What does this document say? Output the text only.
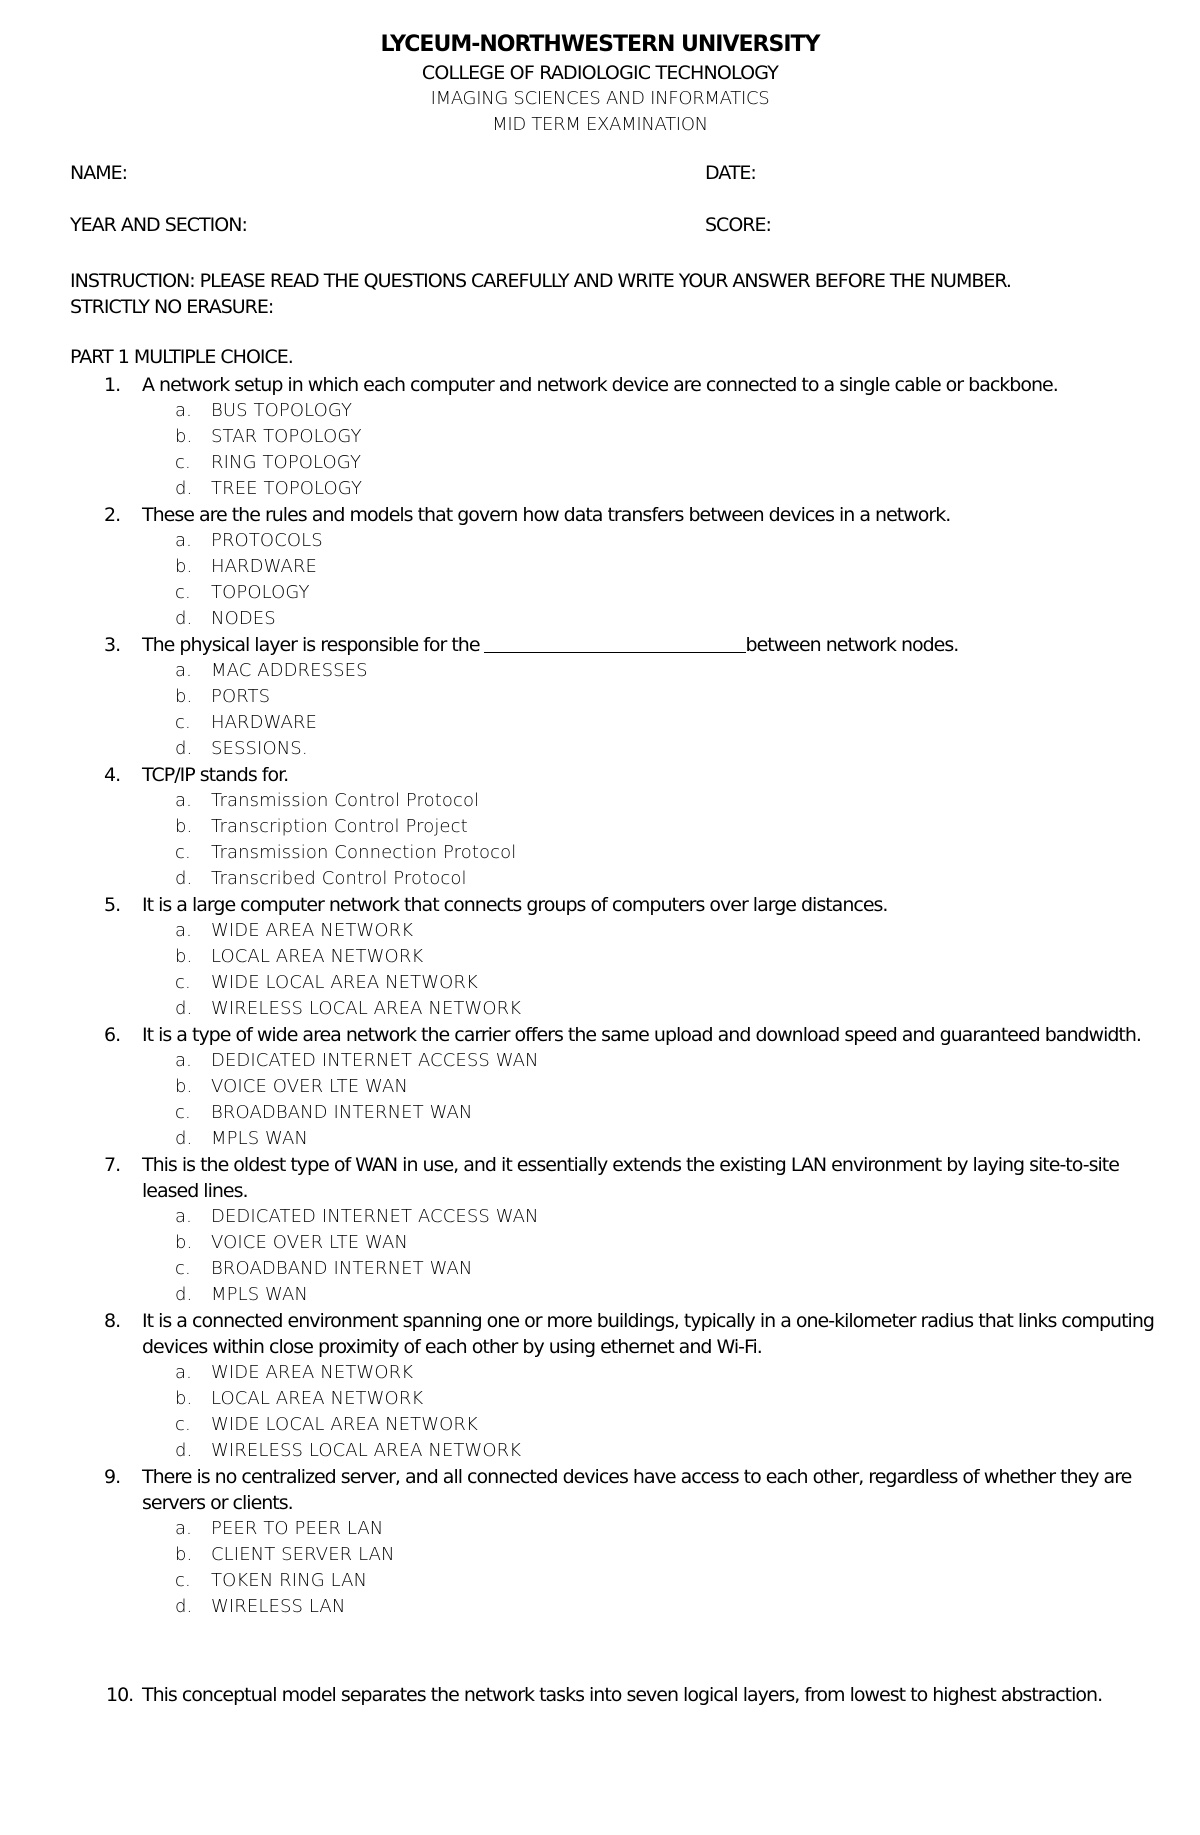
LYCEUM-NORTHWESTERN UNIVERSITY
COLLEGE OF RADIOLOGIC TECHNOLOGY
IMAGING SCIENCES AND INFORMATICS
MID TERM EXAMINATION
NAME:	DATE:
YEAR AND SECTION:	SCORE:
INSTRUCTION: PLEASE READ THE QUESTIONS CAREFULLY AND WRITE YOUR ANSWER BEFORE THE NUMBER.
STRICTLY NO ERASURE:
PART 1 MULTIPLE CHOICE.
1. A network setup in which each computer and network device are connected to a single cable or backbone.
a. BUS TOPOLOGY
b. STAR TOPOLOGY
c. RING TOPOLOGY
d. TREE TOPOLOGY
2. These are the rules and models that govern how data transfers between devices in a network.
a. PROTOCOLS
b. HARDWARE
c. TOPOLOGY
d. NODES
3. The physical layer is responsible for the	between network nodes.
a. MAC ADDRESSES
b. PORTS
c. HARDWARE
d. SESSIONS.
4. TCP/IP stands for.
a. Transmission Control Protocol
b. Transcription Control Project
c. Transmission Connection Protocol
d. Transcribed Control Protocol
5. It is a large computer network that connects groups of computers over large distances.
a. WIDE AREA NETWORK
b. LOCAL AREA NETWORK
c. WIDE LOCAL AREA NETWORK
d. WIRELESS LOCAL AREA NETWORK
6. It is a type of wide area network the carrier offers the same upload and download speed and guaranteed bandwidth.
a. DEDICATED INTERNET ACCESS WAN
b. VOICE OVER LTE WAN
c. BROADBAND INTERNET WAN
d. MPLS WAN
7. This is the oldest type of WAN in use, and it essentially extends the existing LAN environment by laying site-to-site leased lines.
a. DEDICATED INTERNET ACCESS WAN
b. VOICE OVER LTE WAN
c. BROADBAND INTERNET WAN
d. MPLS WAN
8. It is a connected environment spanning one or more buildings, typically in a one-kilometer radius that links computing devices within close proximity of each other by using ethernet and Wi-Fi.
a. WIDE AREA NETWORK
b. LOCAL AREA NETWORK
c. WIDE LOCAL AREA NETWORK
d. WIRELESS LOCAL AREA NETWORK
9. There is no centralized server, and all connected devices have access to each other, regardless of whether they are servers or clients.
a. PEER TO PEER LAN
b. CLIENT SERVER LAN
c. TOKEN RING LAN
d. WIRELESS LAN
10. This conceptual model separates the network tasks into seven logical layers, from lowest to highest abstraction.
